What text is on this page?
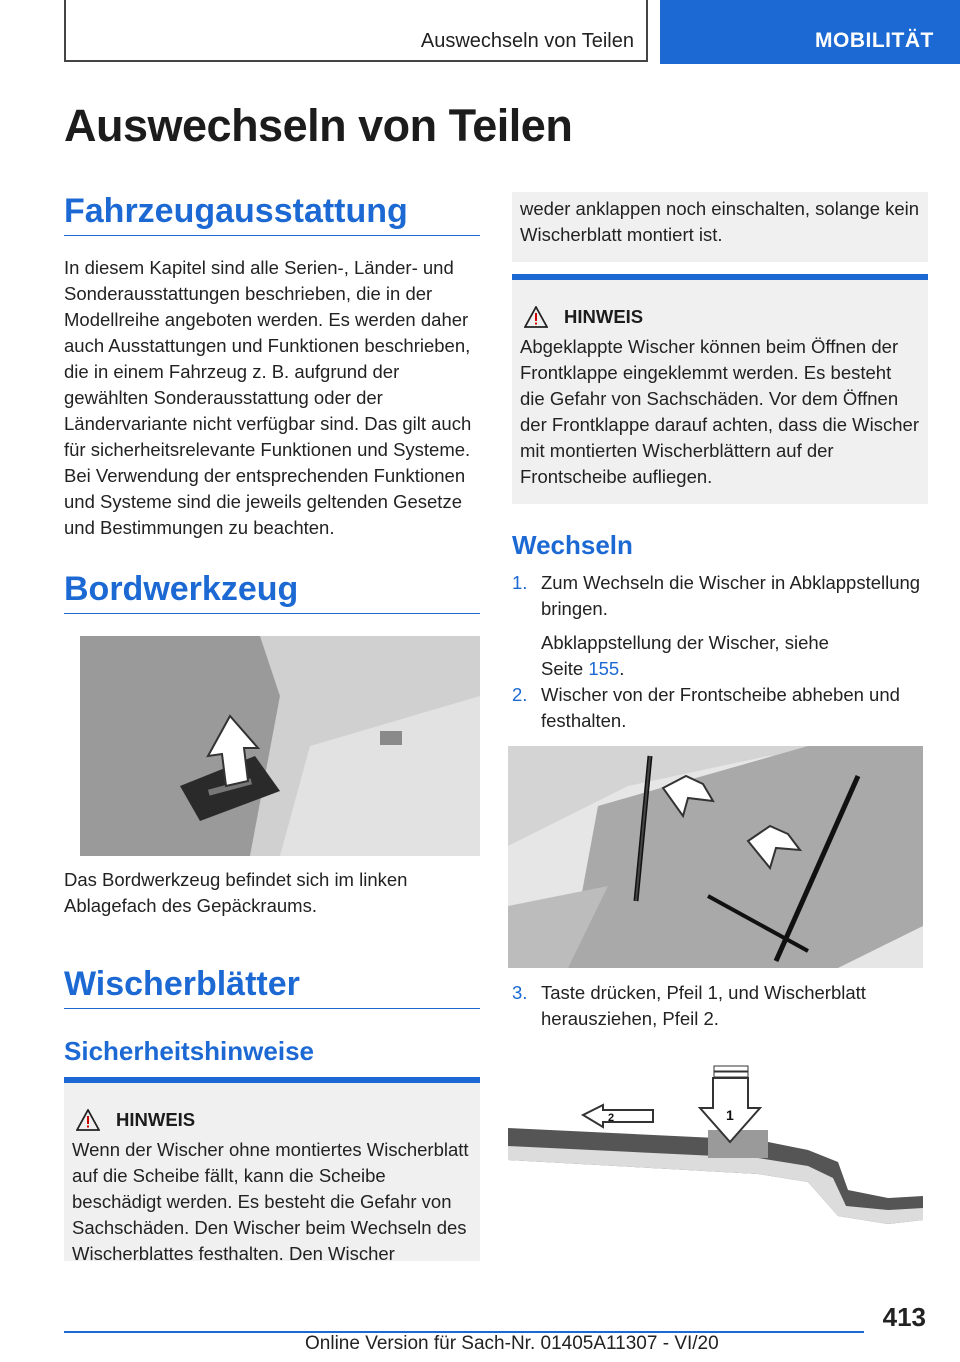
Auswechseln von Teilen	MOBILITÄT
Auswechseln von Teilen
Fahrzeugausstattung

In diesem Kapitel sind alle Serien-, Länder- und Sonderausstattungen beschrieben, die in der Modellreihe angeboten werden. Es werden daher auch Ausstattungen und Funktionen beschrieben, die in einem Fahrzeug z. B. aufgrund der gewählten Sonderausstattung oder der Ländervariante nicht verfügbar sind. Das gilt auch für sicherheitsrelevante Funktionen und Systeme. Bei Verwendung der entsprechenden Funktionen und Systeme sind die jeweils geltenden Gesetze und Bestimmungen zu beachten.

Bordwerkzeug

Das Bordwerkzeug befindet sich im linken Ablagefach des Gepäckraums.

Wischerblätter
Sicherheitshinweise
HINWEIS
Wenn der Wischer ohne montiertes Wischerblatt auf die Scheibe fällt, kann die Scheibe beschädigt werden. Es besteht die Gefahr von Sachschäden. Den Wischer beim Wechseln des Wischerblattes festhalten. Den Wischer
weder anklappen noch einschalten, solange kein Wischerblatt montiert ist.
HINWEIS
Abgeklappte Wischer können beim Öffnen der Frontklappe eingeklemmt werden. Es besteht die Gefahr von Sachschäden. Vor dem Öffnen der Frontklappe darauf achten, dass die Wischer mit montierten Wischerblättern auf der Frontscheibe aufliegen.
Wechseln
1. Zum Wechseln die Wischer in Abklappstellung bringen.
Abklappstellung der Wischer, siehe
Seite 155.
2. Wischer von der Frontscheibe abheben und festhalten.
3. Taste drücken, Pfeil 1, und Wischerblatt herausziehen, Pfeil 2.
2	1
413
Online Version für Sach-Nr. 01405A11307 - VI/20
